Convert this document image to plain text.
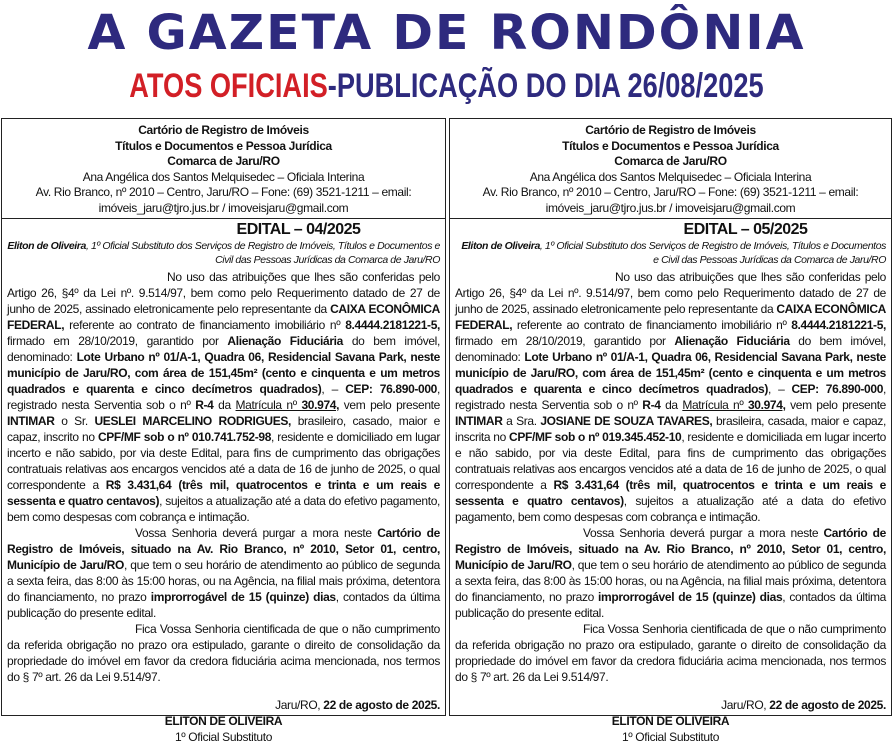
A GAZETA DE RONDÔNIA
ATOS OFICIAIS-PUBLICAÇÃO DO DIA 26/08/2025
Cartório de Registro de Imóveis
Títulos e Documentos e Pessoa Jurídica
Comarca de Jaru/RO
Ana Angélica dos Santos Melquisedec – Oficiala Interina
Av. Rio Branco, nº 2010 – Centro, Jaru/RO – Fone: (69) 3521-1211 – email:
imóveis_jaru@tjro.jus.br / imoveisjaru@gmail.com
EDITAL – 04/2025
Eliton de Oliveira, 1º Oficial Substituto dos Serviços de Registro de Imóveis, Títulos e Documentos e Civil das Pessoas Jurídicas da Comarca de Jaru/RO

No uso das atribuições que lhes são conferidas pelo Artigo 26, §4º da Lei nº. 9.514/97, bem como pelo Requerimento datado de 27 de junho de 2025, assinado eletronicamente pelo representante da CAIXA ECONÔMICA FEDERAL, referente ao contrato de financiamento imobiliário nº 8.4444.2181221-5, firmado em 28/10/2019, garantido por Alienação Fiduciária do bem imóvel, denominado: Lote Urbano nº 01/A-1, Quadra 06, Residencial Savana Park, neste município de Jaru/RO, com área de 151,45m² (cento e cinquenta e um metros quadrados e quarenta e cinco decímetros quadrados), – CEP: 76.890-000, registrado nesta Serventia sob o nº R-4 da Matrícula nº 30.974, vem pelo presente INTIMAR o Sr. UESLEI MARCELINO RODRIGUES, brasileiro, casado, maior e capaz, inscrito no CPF/MF sob o nº 010.741.752-98, residente e domiciliado em lugar incerto e não sabido, por via deste Edital, para fins de cumprimento das obrigações contratuais relativas aos encargos vencidos até a data de 16 de junho de 2025, o qual correspondente a R$ 3.431,64 (três mil, quatrocentos e trinta e um reais e sessenta e quatro centavos), sujeitos a atualização até a data do efetivo pagamento, bem como despesas com cobrança e intimação.

Vossa Senhoria deverá purgar a mora neste Cartório de Registro de Imóveis, situado na Av. Rio Branco, nº 2010, Setor 01, centro, Município de Jaru/RO, que tem o seu horário de atendimento ao público de segunda a sexta feira, das 8:00 às 15:00 horas, ou na Agência, na filial mais próxima, detentora do financiamento, no prazo improrrogável de 15 (quinze) dias, contados da última publicação do presente edital.

Fica Vossa Senhoria cientificada de que o não cumprimento da referida obrigação no prazo ora estipulado, garante o direito de consolidação da propriedade do imóvel em favor da credora fiduciária acima mencionada, nos termos do § 7º art. 26 da Lei 9.514/97.

Jaru/RO, 22 de agosto de 2025.
ELITON DE OLIVEIRA
1º Oficial Substituto
Cartório de Registro de Imóveis
Títulos e Documentos e Pessoa Jurídica
Comarca de Jaru/RO
Ana Angélica dos Santos Melquisedec – Oficiala Interina
Av. Rio Branco, nº 2010 – Centro, Jaru/RO – Fone: (69) 3521-1211 – email:
imóveis_jaru@tjro.jus.br / imoveisjaru@gmail.com
EDITAL – 05/2025
Eliton de Oliveira, 1º Oficial Substituto dos Serviços de Registro de Imóveis, Títulos e Documentos e Civil das Pessoas Jurídicas da Comarca de Jaru/RO

No uso das atribuições que lhes são conferidas pelo Artigo 26, §4º da Lei nº. 9.514/97, bem como pelo Requerimento datado de 27 de junho de 2025, assinado eletronicamente pelo representante da CAIXA ECONÔMICA FEDERAL, referente ao contrato de financiamento imobiliário nº 8.4444.2181221-5, firmado em 28/10/2019, garantido por Alienação Fiduciária do bem imóvel, denominado: Lote Urbano nº 01/A-1, Quadra 06, Residencial Savana Park, neste município de Jaru/RO, com área de 151,45m² (cento e cinquenta e um metros quadrados e quarenta e cinco decímetros quadrados), – CEP: 76.890-000, registrado nesta Serventia sob o nº R-4 da Matrícula nº 30.974, vem pelo presente INTIMAR a Sra. JOSIANE DE SOUZA TAVARES, brasileira, casada, maior e capaz, inscrita no CPF/MF sob o nº 019.345.452-10, residente e domiciliada em lugar incerto e não sabido, por via deste Edital, para fins de cumprimento das obrigações contratuais relativas aos encargos vencidos até a data de 16 de junho de 2025, o qual correspondente a R$ 3.431,64 (três mil, quatrocentos e trinta e um reais e sessenta e quatro centavos), sujeitos a atualização até a data do efetivo pagamento, bem como despesas com cobrança e intimação.

Vossa Senhoria deverá purgar a mora neste Cartório de Registro de Imóveis, situado na Av. Rio Branco, nº 2010, Setor 01, centro, Município de Jaru/RO, que tem o seu horário de atendimento ao público de segunda a sexta feira, das 8:00 às 15:00 horas, ou na Agência, na filial mais próxima, detentora do financiamento, no prazo improrrogável de 15 (quinze) dias, contados da última publicação do presente edital.

Fica Vossa Senhoria cientificada de que o não cumprimento da referida obrigação no prazo ora estipulado, garante o direito de consolidação da propriedade do imóvel em favor da credora fiduciária acima mencionada, nos termos do § 7º art. 26 da Lei 9.514/97.

Jaru/RO, 22 de agosto de 2025.
ELITON DE OLIVEIRA
1º Oficial Substituto
